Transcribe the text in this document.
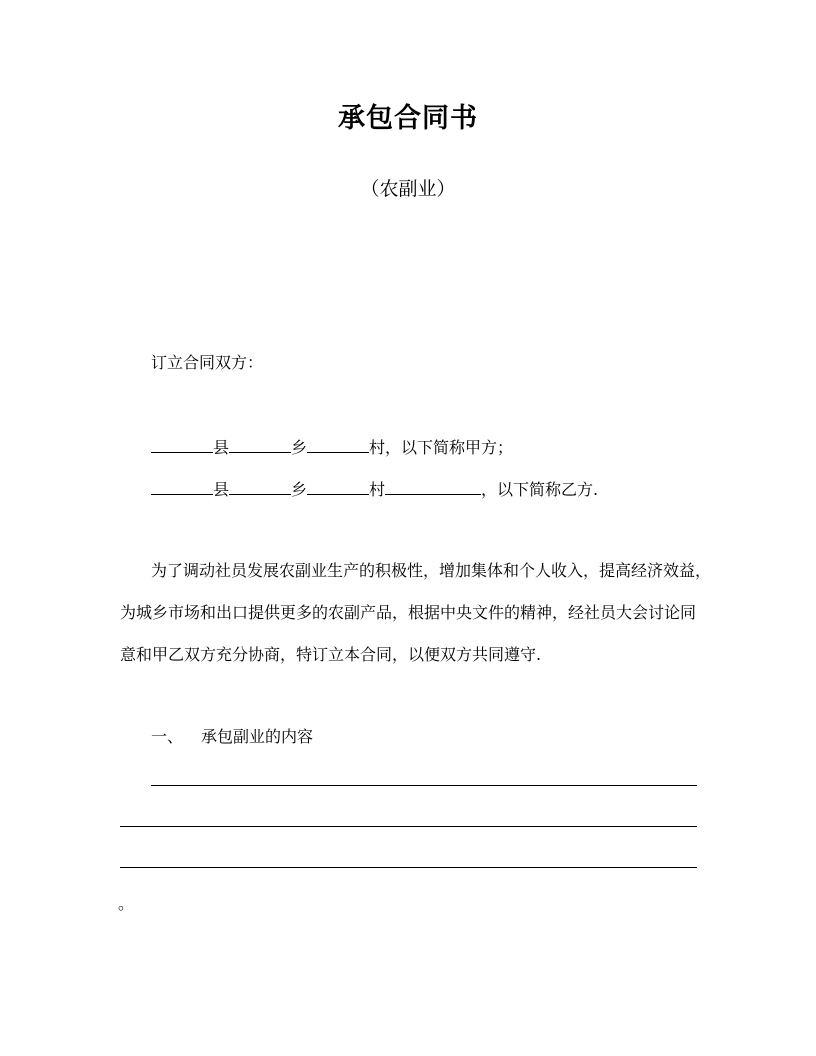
承包合同书

（农副业）

订立合同双方：
县	乡	村，以下简称甲方；
县	乡	村	，以下简称乙方.
为了调动社员发展农副业生产的积极性，增加集体和个人收入，提高经济效益，
为城乡市场和出口提供更多的农副产品，根据中央文件的精神，经社员大会讨论同
意和甲乙双方充分协商，特订立本合同，以便双方共同遵守.
一、 承包副业的内容
。
